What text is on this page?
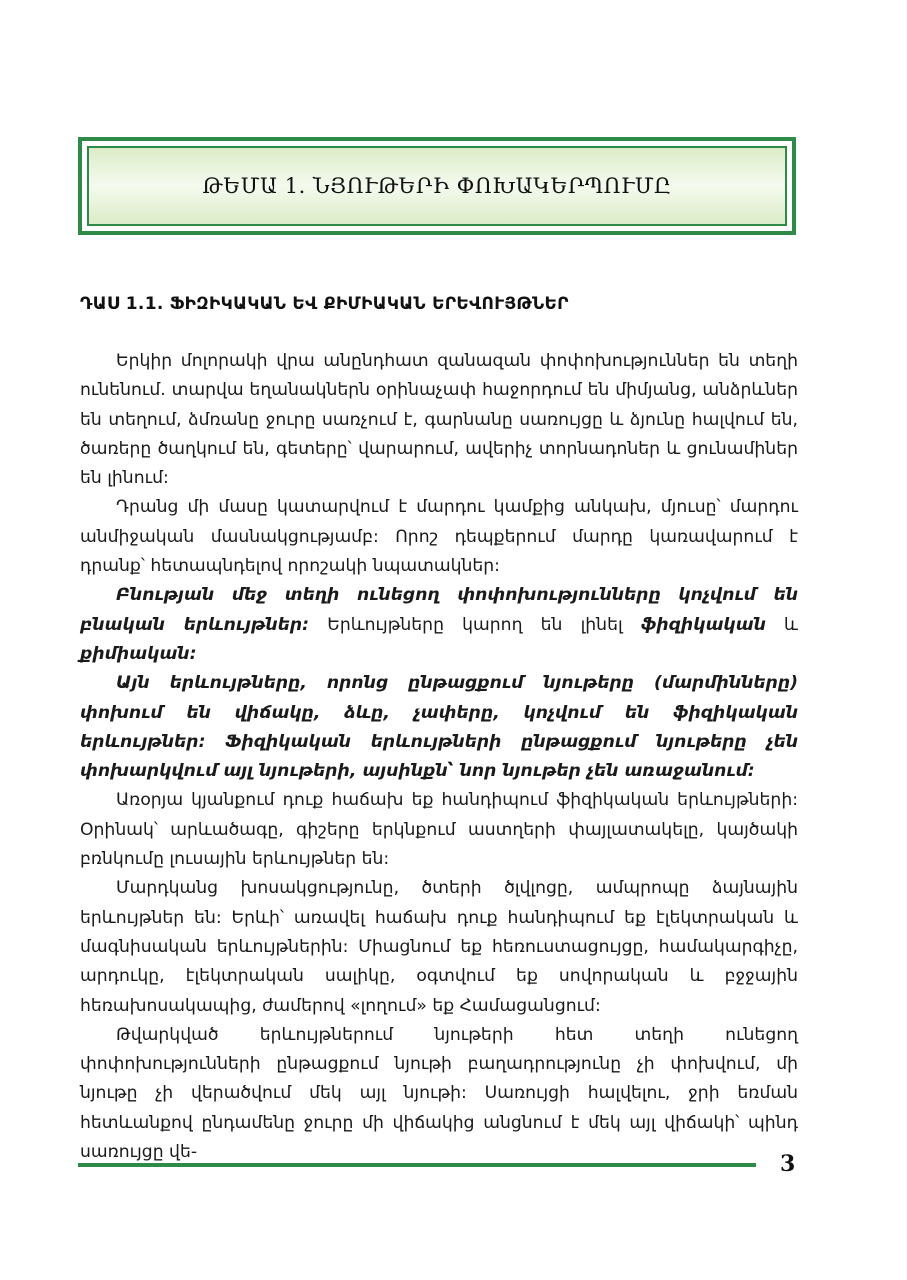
ԹԵՄԱ 1. ՆՅՈՒԹԵՐԻ ՓՈԽԱԿԵՐՊՈՒՄԸ
ԴԱՍ 1.1. ՖԻԶԻԿԱԿԱՆ ԵՎ ՔԻՄԻԱԿԱՆ ԵՐԵՎՈՒՅԹՆԵՐ

Երկիր մոլորակի վրա անընդհատ զանազան փոփոխություններ են տեղի ունենում. տարվա եղանակներն օրինաչափ հաջորդում են միմյանց, անձրևներ են տեղում, ձմռանը ջուրը սառչում է, գարնանը սառույցը և ձյունը հալվում են, ծառերը ծաղկում են, գետերը՝ վարարում, ավերիչ տորնադոներ և ցունամիներ են լինում:

Դրանց մի մասը կատարվում է մարդու կամքից անկախ, մյուսը՝ մարդու անմիջական մասնակցությամբ: Որոշ դեպքերում մարդը կառավարում է դրանք՝ հետապնդելով որոշակի նպատակներ:

Բնության մեջ տեղի ունեցող փոփոխությունները կոչվում են բնական երևույթներ: Երևույթները կարող են լինել ֆիզիկական և քիմիական:

Այն երևույթները, որոնց ընթացքում նյութերը (մարմինները) փոխում են վիճակը, ձևը, չափերը, կոչվում են ֆիզիկական երևույթներ: Ֆիզիկական երևույթների ընթացքում նյութերը չեն փոխարկվում այլ նյութերի, այսինքն՝ նոր նյութեր չեն առաջանում:

Առօրյա կյանքում դուք հաճախ եք հանդիպում ֆիզիկական երևույթների: Օրինակ՝ արևածագը, գիշերը երկնքում աստղերի փայլատակելը, կայծակի բռնկումը լուսային երևույթներ են:

Մարդկանց խոսակցությունը, ծտերի ծլվլոցը, ամպրոպը ձայնային երևույթներ են: Երևի՝ առավել հաճախ դուք հանդիպում եք էլեկտրական և մագնիսական երևույթներին: Միացնում եք հեռուստացույցը, համակարգիչը, արդուկը, էլեկտրական սալիկը, օգտվում եք սովորական և բջջային հեռախոսակապից, ժամերով «լողում» եք Համացանցում:

Թվարկված երևույթներում նյութերի հետ տեղի ունեցող փոփոխությունների ընթացքում նյութի բաղադրությունը չի փոխվում, մի նյութը չի վերածվում մեկ այլ նյութի: Սառույցի հալվելու, ջրի եռման հետևանքով ընդամենը ջուրը մի վիճակից անցնում է մեկ այլ վիճակի՝ պինդ սառույցը վե-	3
